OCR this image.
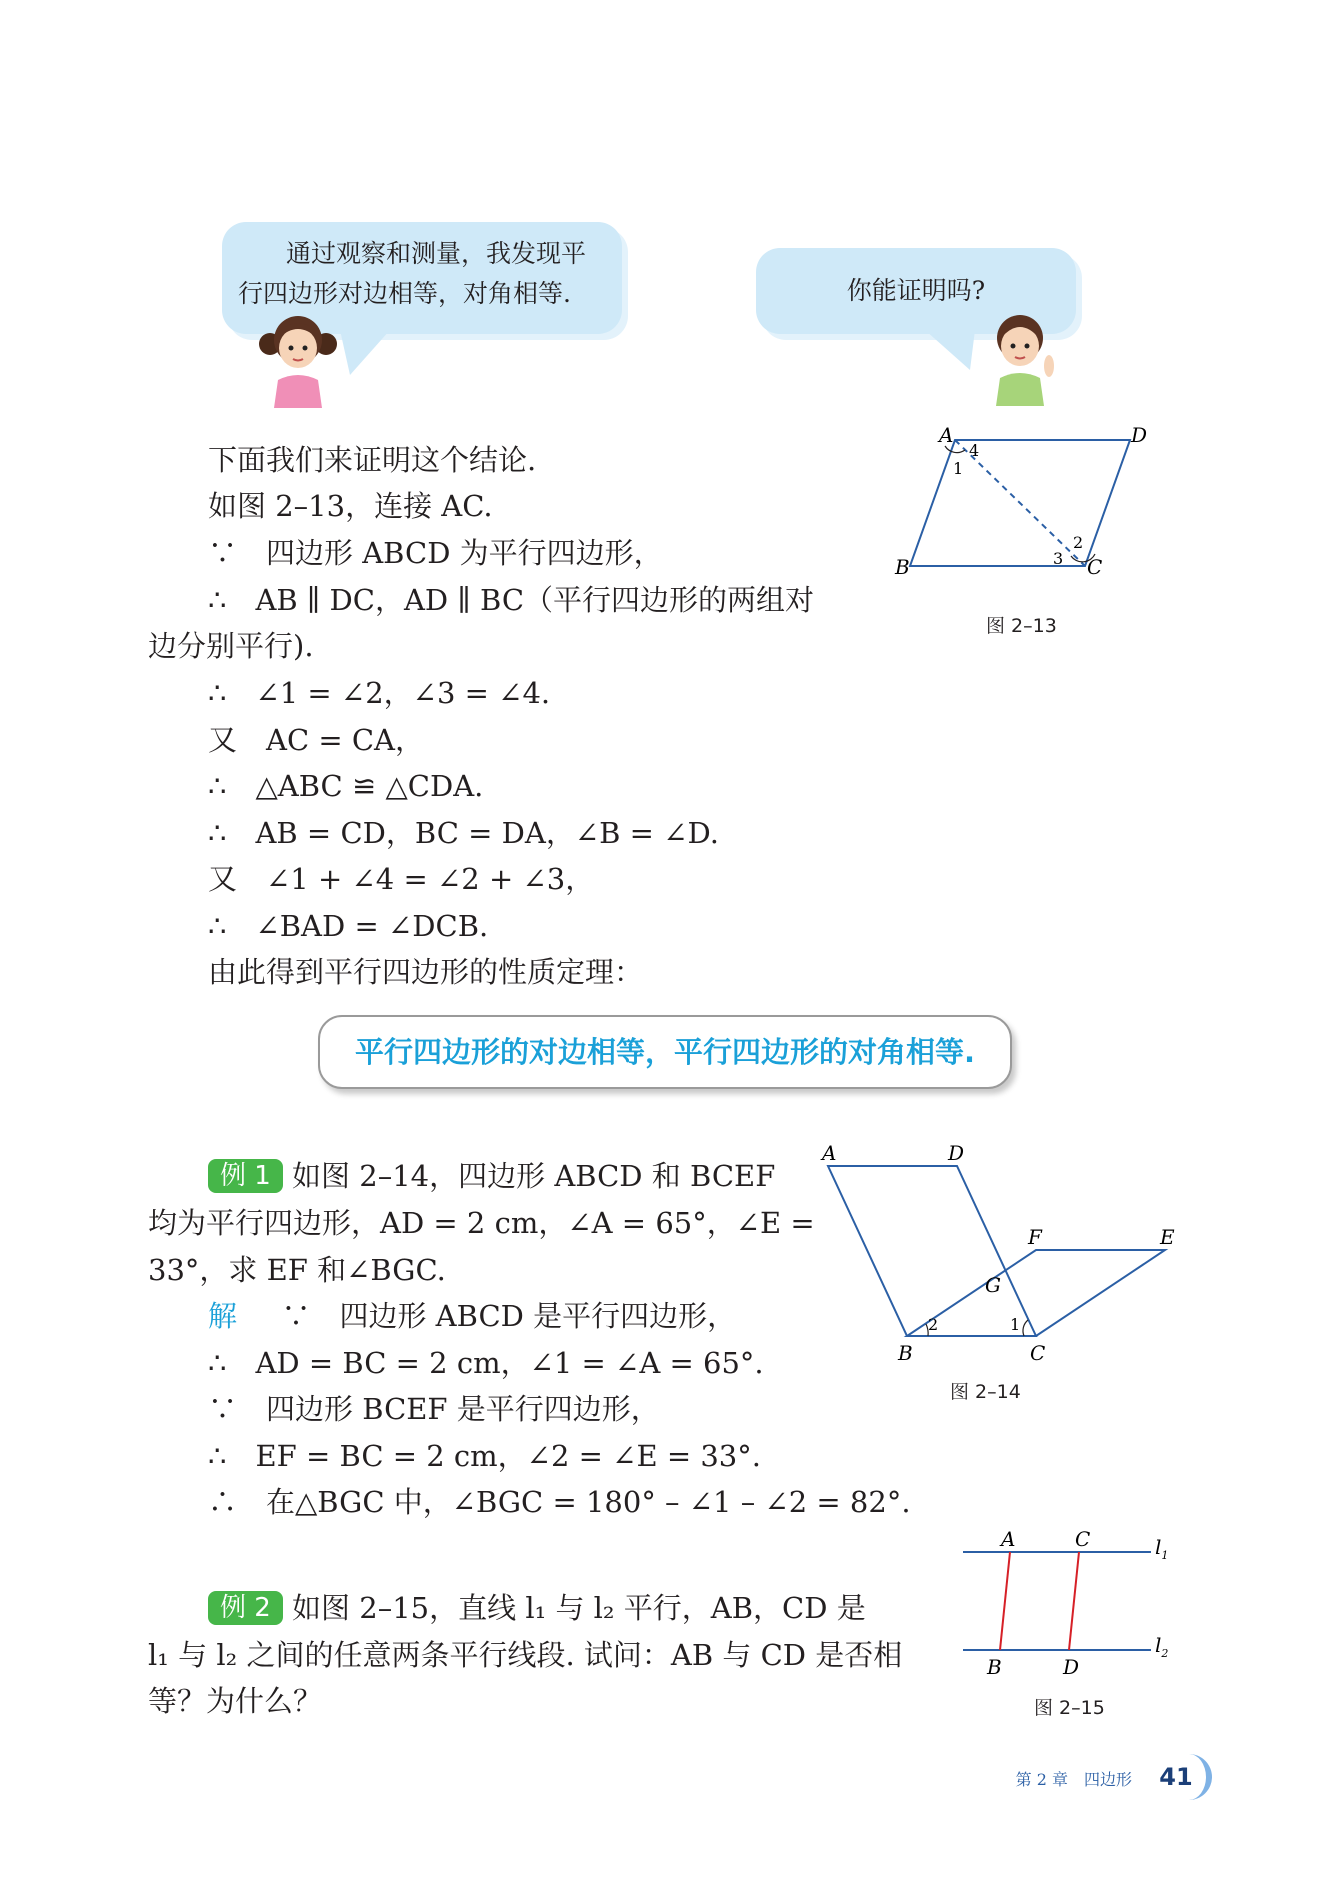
通过观察和测量，我发现平
行四边形对边相等，对角相等.	你能证明吗?
下面我们来证明这个结论.
如图 2–13，连接 AC.
∵　四边形 ABCD 为平行四边形，
∴　AB ∥ DC，AD ∥ BC（平行四边形的两组对
边分别平行).
∴　∠1 = ∠2，∠3 = ∠4.
又　AC = CA，
∴　△ABC ≌ △CDA.
∴　AB = CD，BC = DA，∠B = ∠D.
又　∠1 + ∠4 = ∠2 + ∠3，
∴　∠BAD = ∠DCB.
由此得到平行四边形的性质定理：
A	D
B	C
4
1
2
3
图 2–13
平行四边形的对边相等，平行四边形的对角相等.
例 1 如图 2–14，四边形 ABCD 和 BCEF
均为平行四边形，AD = 2 cm，∠A = 65°，∠E =
33°，求 EF 和∠BGC.
解 ∵　四边形 ABCD 是平行四边形，
∴　AD = BC = 2 cm，∠1 = ∠A = 65°.
∵　四边形 BCEF 是平行四边形，
∴　EF = BC = 2 cm，∠2 = ∠E = 33°.
∴　在△BGC 中，∠BGC = 180° – ∠1 – ∠2 = 82°.
A	D
F	E
G
B	C
2	1
图 2–14
例 2 如图 2–15，直线 l₁ 与 l₂ 平行，AB，CD 是
l₁ 与 l₂ 之间的任意两条平行线段. 试问：AB 与 CD 是否相
等？为什么？
A	C
B	D
$l_1$
$l_2$
图 2–15
第 2 章　四边形	41
